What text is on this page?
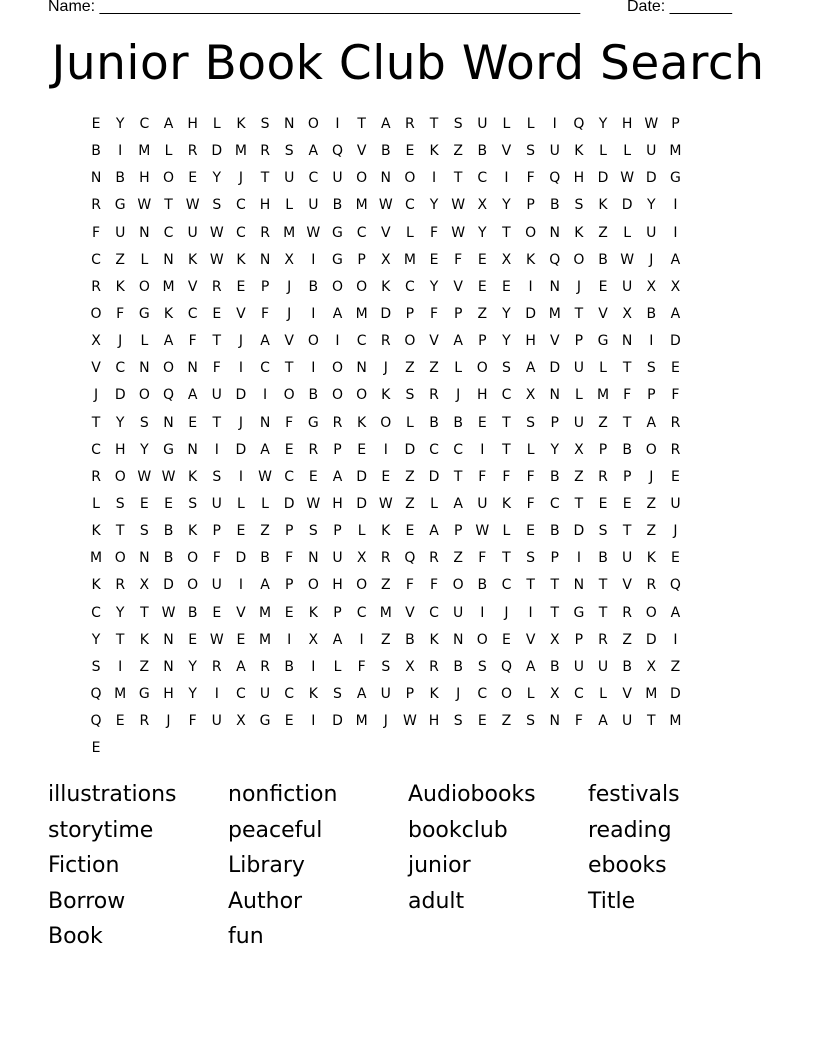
Name: ______________________________________________________	Date: _______
Junior Book Club Word Search
E	Y	C	A	H	L	K	S	N O	I	T	A	R	T	S	U	L	L	I	Q	Y	H W P
B	I	M	L	R D M R	S	A Q V	B	E	K	Z	B	V	S	U	K	L	L	U M
N	B	H O	E	Y	J	T	U	C	U O N O	I	T	C	I	F	Q H D W D G
R G W T W S	C H	L	U	B M W C	Y W X	Y	P	B	S	K	D	Y	I
F	U N	C	U W C	R M W G C	V	L	F W Y	T	O N	K	Z	L	U	I
C	Z	L	N	K W K	N	X	I	G	P	X M E	F	E	X	K	Q O B W	J	A
R	K	O M V	R	E	P	J	B O O	K	C	Y	V	E	E	I	N	J	E	U	X	X
O	F	G	K	C	E	V	F	J	I	A M D	P	F	P	Z	Y	D M T	V	X	B	A
X	J	L	A	F	T	J	A	V O	I	C	R O V	A	P	Y	H	V	P	G N	I	D
V	C	N O N	F	I	C	T	I	O N	J	Z	Z	L	O	S	A D U	L	T	S	E
J	D O Q A	U D	I	O B O O	K	S	R	J	H C	X	N	L	M	F	P	F
T	Y	S	N	E	T	J	N	F	G R	K	O	L	B	B	E	T	S	P	U	Z	T	A	R
C H	Y	G N	I	D A	E	R	P	E	I	D C	C	I	T	L	Y	X	P	B O R
R O W W K	S	I	W C	E	A D	E	Z D	T	F	F	F	B	Z	R	P	J	E
L	S	E	E	S	U	L	L	D W H D W Z	L	A	U	K	F	C	T	E	E	Z	U
K	T	S	B	K	P	E	Z	P	S	P	L	K	E	A	P W L	E	B D	S	T	Z	J
M O N	B O	F	D B	F	N U	X	R Q R	Z	F	T	S	P	I	B	U	K	E
K	R	X D O U	I	A	P	O H O Z	F	F	O B	C	T	T	N	T	V	R Q
C	Y	T W B	E	V M E	K	P	C M V	C	U	I	J	I	T	G	T	R O A
Y	T	K	N	E W E M	I	X	A	I	Z	B	K	N O	E	V	X	P	R	Z D	I
S	I	Z	N	Y	R	A	R	B	I	L	F	S	X	R	B	S	Q A	B	U U	B	X	Z
Q M G H	Y	I	C	U	C	K	S	A	U	P	K	J	C O	L	X	C	L	V M D
Q	E	R	J	F	U	X G	E	I	D M	J	W H	S	E	Z	S	N	F	A	U	T M
E
illustrations	nonfiction	Audiobooks	festivals
storytime	peaceful	bookclub	reading
Fiction	Library	junior	ebooks
Borrow	Author	adult	Title
Book	fun
